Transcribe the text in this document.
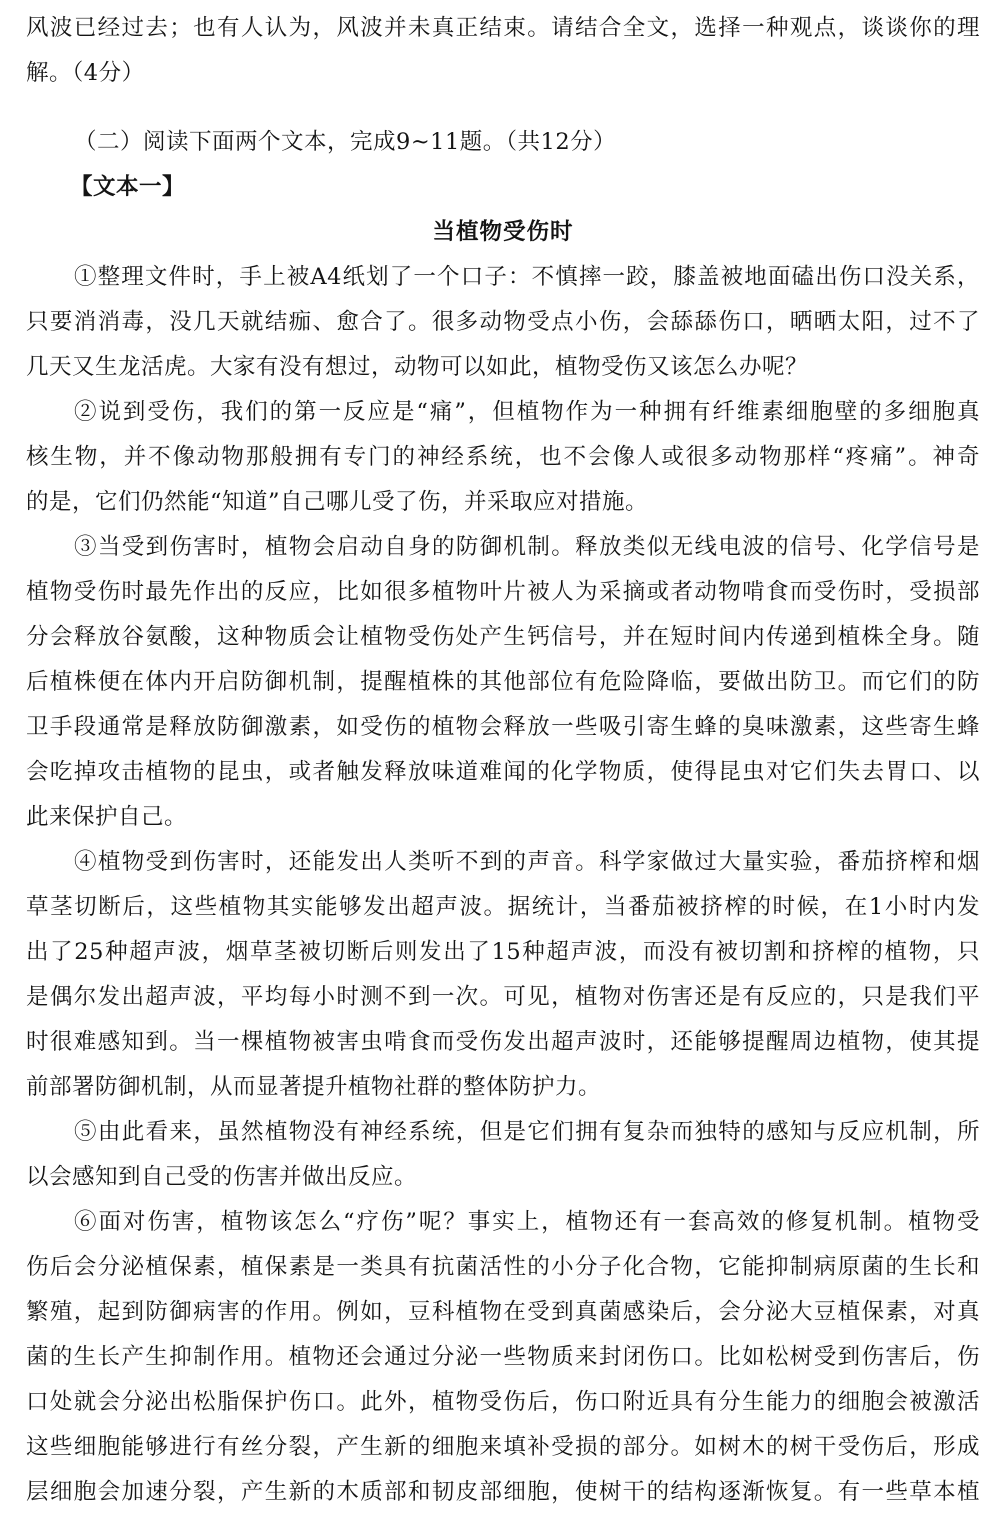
风波已经过去；也有人认为，风波并未真正结束。请结合全文，选择一种观点，谈谈你的理
解。（4分）
（二）阅读下面两个文本，完成9~11题。（共12分）
【文本一】
当植物受伤时
①整理文件时，手上被A4纸划了一个口子：不慎摔一跤，膝盖被地面磕出伤口没关系，
只要消消毒，没几天就结痂、愈合了。很多动物受点小伤，会舔舔伤口，晒晒太阳，过不了
几天又生龙活虎。大家有没有想过，动物可以如此，植物受伤又该怎么办呢？
②说到受伤，我们的第一反应是“痛”，但植物作为一种拥有纤维素细胞壁的多细胞真
核生物，并不像动物那般拥有专门的神经系统，也不会像人或很多动物那样“疼痛”。神奇
的是，它们仍然能“知道”自己哪儿受了伤，并采取应对措施。
③当受到伤害时，植物会启动自身的防御机制。释放类似无线电波的信号、化学信号是
植物受伤时最先作出的反应，比如很多植物叶片被人为采摘或者动物啃食而受伤时，受损部
分会释放谷氨酸，这种物质会让植物受伤处产生钙信号，并在短时间内传递到植株全身。随
后植株便在体内开启防御机制，提醒植株的其他部位有危险降临，要做出防卫。而它们的防
卫手段通常是释放防御激素，如受伤的植物会释放一些吸引寄生蜂的臭味激素，这些寄生蜂
会吃掉攻击植物的昆虫，或者触发释放味道难闻的化学物质，使得昆虫对它们失去胃口、以
此来保护自己。
④植物受到伤害时，还能发出人类听不到的声音。科学家做过大量实验，番茄挤榨和烟
草茎切断后，这些植物其实能够发出超声波。据统计，当番茄被挤榨的时候，在1小时内发
出了25种超声波，烟草茎被切断后则发出了15种超声波，而没有被切割和挤榨的植物，只
是偶尔发出超声波，平均每小时测不到一次。可见，植物对伤害还是有反应的，只是我们平
时很难感知到。当一棵植物被害虫啃食而受伤发出超声波时，还能够提醒周边植物，使其提
前部署防御机制，从而显著提升植物社群的整体防护力。
⑤由此看来，虽然植物没有神经系统，但是它们拥有复杂而独特的感知与反应机制，所
以会感知到自己受的伤害并做出反应。
⑥面对伤害，植物该怎么“疗伤”呢？事实上，植物还有一套高效的修复机制。植物受
伤后会分泌植保素，植保素是一类具有抗菌活性的小分子化合物，它能抑制病原菌的生长和
繁殖，起到防御病害的作用。例如，豆科植物在受到真菌感染后，会分泌大豆植保素，对真
菌的生长产生抑制作用。植物还会通过分泌一些物质来封闭伤口。比如松树受到伤害后，伤
口处就会分泌出松脂保护伤口。此外，植物受伤后，伤口附近具有分生能力的细胞会被激活
这些细胞能够进行有丝分裂，产生新的细胞来填补受损的部分。如树木的树干受伤后，形成
层细胞会加速分裂，产生新的木质部和韧皮部细胞，使树干的结构逐渐恢复。有一些草本植
